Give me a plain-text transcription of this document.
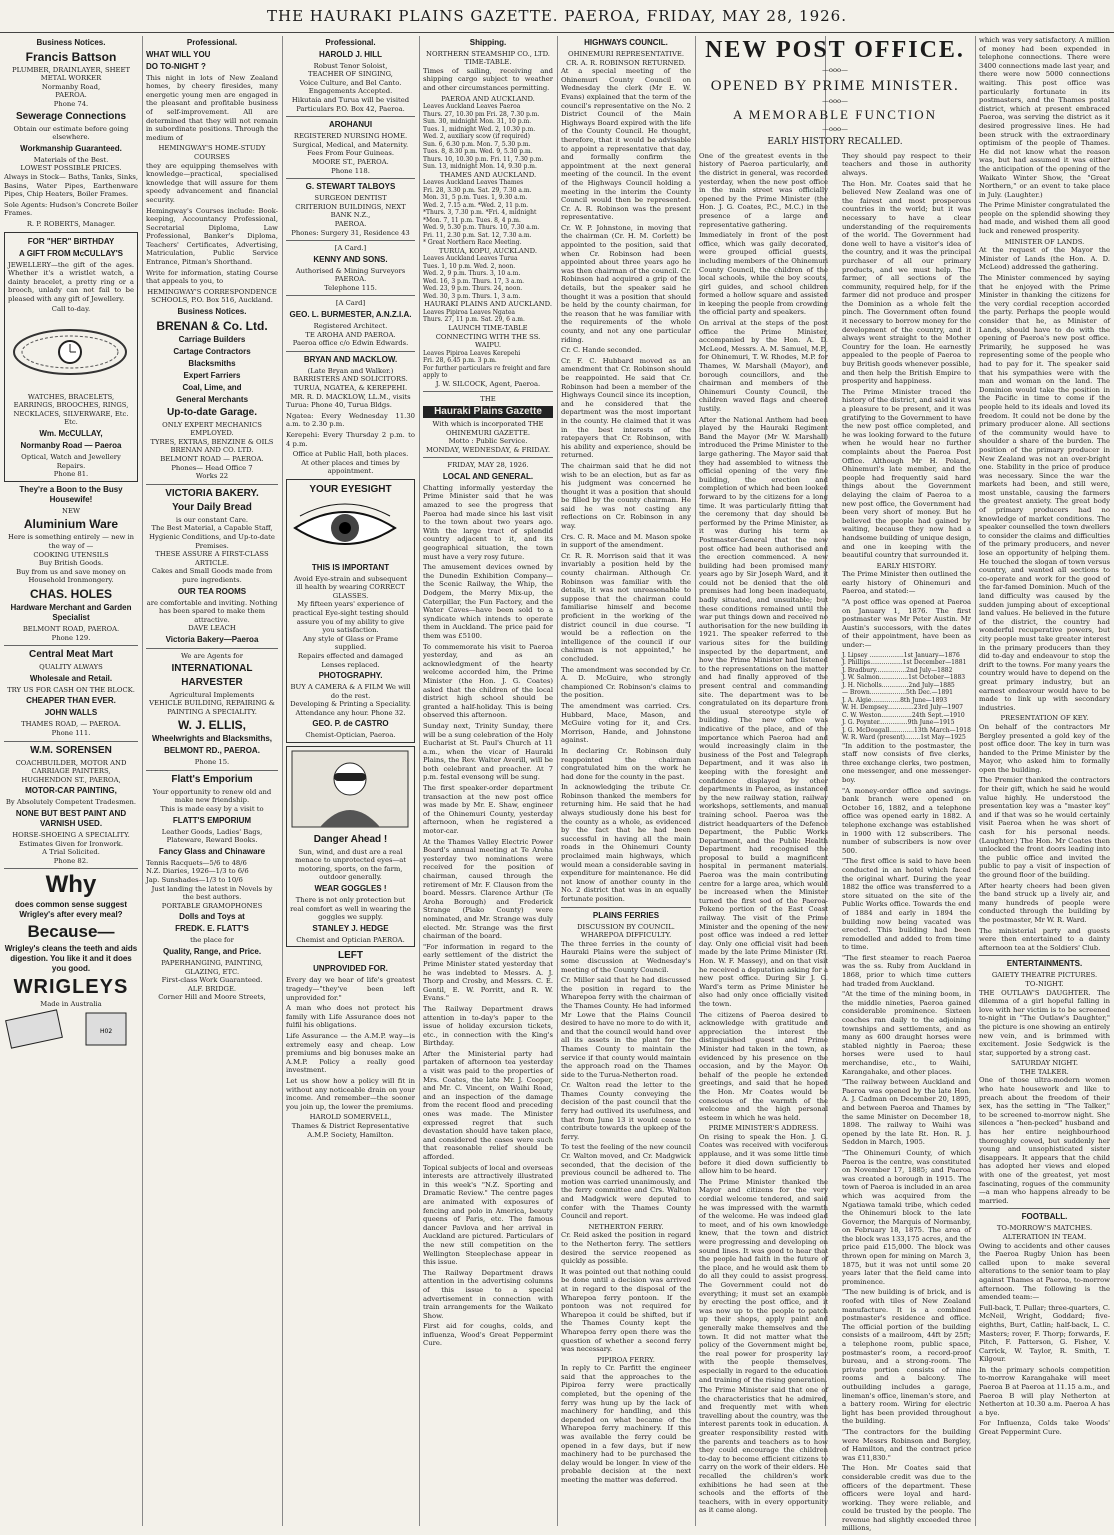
THE HAURAKI PLAINS GAZETTE. PAEROA, FRIDAY, MAY 28, 1926.
Business Notices.
Francis Battson
PLUMBER, DRAINLAYER, SHEET METAL WORKER
Normanby Road,
PAEROA.
Phone 74.
Sewerage Connections
Obtain our estimate before going elsewhere.
Workmanship Guaranteed.
Materials of the Best.
LOWEST POSSIBLE PRICES.
Always in Stock— Baths, Tanks, Sinks, Basins, Water Pipes, Earthenware Pipes, Chip Heaters, Boiler Frames.
Sole Agents: Hudson's Concrete Boiler Frames.
R. P. ROBERTS, Manager.
FOR "HER" BIRTHDAY
A GIFT FROM McCULLAY'S
JEWELLERY—the gift of the ages. Whether it's a wristlet watch, a dainty bracelet, a pretty ring or a brooch, unlady can not fail to be pleased with any gift of Jewellery.
Call to-day.
WATCHES, BRACELETS, EARRINGS, BROOCHES, RINGS, NECKLACES, SILVERWARE, Etc. Etc.
Wm. McCULLAY,
Normanby Road — Paeroa
Optical, Watch and Jewellery Repairs.
Phone 81.
They're a Boon to the Busy Housewife!
NEW
Aluminium Ware
Here is something entirely — new in the way of —
COOKING UTENSILS
Buy British Goods.
Buy from us and save money on Household Ironmongery.
CHAS. HOLES
Hardware Merchant and Garden Specialist
BELMONT ROAD, PAEROA.
Phone 129.
Central Meat Mart
QUALITY ALWAYS
Wholesale and Retail.
TRY US FOR CASH ON THE BLOCK.
CHEAPER THAN EVER.
JOHN WALLS
THAMES ROAD, — PAEROA.
Phone 111.
W.M. SORENSEN
COACHBUILDER, MOTOR AND CARRIAGE PAINTERS,
HUGHENDON ST., PAEROA,
MOTOR-CAR PAINTING,
By Absolutely Competent Tradesmen.
NONE BUT BEST PAINT AND VARNISH USED.
HORSE-SHOEING A SPECIALITY.
Estimates Given for Ironwork.
A Trial Solicited.
Phone 82.
Why
does common sense suggest Wrigley's after every meal?
Because—
Wrigley's cleans the teeth and aids digestion. You like it and it does you good.
WRIGLEYS
Made in Australia
H02
Professional.
WHAT WILL YOU
DO TO-NIGHT ?
This night in lots of New Zealand homes, by cheery firesides, many energetic young men are engaged in the pleasant and profitable business of self-improvement. All are determined that they will not remain in subordinate positions. Through the medium of
HEMINGWAY'S HOME-STUDY COURSES
they are equipping themselves with knowledge—practical, specialised knowledge that will assure for them speedy advancement and financial security.
Hemingway's Courses include: Book-keeping, Accountancy Professional, Secretarial Diploma, Law Professional, Banker's Diploma, Teachers' Certificates, Advertising, Matriculation, Public Service Entrance, Pitman's Shorthand.
Write for information, stating Course that appeals to you, to
HEMINGWAY'S CORRESPONDENCE SCHOOLS, P.O. Box 516, Auckland.
Business Notices.
BRENAN & Co. Ltd.
Carriage Builders
Cartage Contractors
Blacksmiths
Expert Farriers
Coal, Lime, and
General Merchants
Up-to-date Garage.
ONLY EXPERT MECHANICS EMPLOYED.
TYRES, EXTRAS, BENZINE & OILS
BRENAN AND CO. LTD.
BELMONT ROAD — PAEROA.
Phones— Head Office 7
Works 22
VICTORIA BAKERY.
Your Daily Bread
is our constant Care.
The Best Material, a Capable Staff, Hygienic Conditions, and Up-to-date Premises.
THESE ASSURE A FIRST-CLASS ARTICLE.
Cakes and Small Goods made from pure ingredients.
OUR TEA ROOMS
are comfortable and inviting. Nothing has been spared to make them attractive.
DAVE LEACH
Victoria Bakery—Paeroa
We are Agents for
INTERNATIONAL
HARVESTER
Agricultural Implements
VEHICLE BUILDING, REPAIRING & PAINTING A SPECIALITY.
W. J. ELLIS,
Wheelwrights and Blacksmiths,
BELMONT RD., PAEROA.
Phone 15.
Flatt's Emporium
Your opportunity to renew old and make new friendship.
This is made easy by a visit to
FLATT'S EMPORIUM
Leather Goods, Ladies' Bags, Plateware, Reward Books.
Fancy Glass and Chinaware
Tennis Racquets—5/6 to 48/6
N.Z. Diaries, 1926—1/3 to 6/6
Jap. Sunshades—1/3 to 10/6
Just landing the latest in Novels by the best authors.
PORTABLE GRAMOPHONES
Dolls and Toys at
FREDK. E. FLATT'S
the place for
Quality, Range, and Price.
PAPERHANGING, PAINTING, GLAZING, ETC.
First-class Work Guaranteed.
ALF. BRIDGE.
Corner Hill and Moore Streets,
Professional.
HAROLD J. HILL
Robust Tenor Soloist,
TEACHER OF SINGING,
Voice Culture, and Bel Canto.
Engagements Accepted.
Hikutaia and Turua will be visited
Particulars P.O. Box 42, Paeroa.
AROHANUI
REGISTERED NURSING HOME.
Surgical, Medical, and Maternity.
Fees From Four Guineas.
MOORE ST., PAEROA.
Phone 118.
G. STEWART TALBOYS
SURGEON DENTIST
CRITERION BUILDINGS, NEXT BANK N.Z.,
PAEROA.
Phones: Surgery 31, Residence 43
[A Card.]
KENNY AND SONS.
Authorised & Mining Surveyors
PAEROA.
Telephone 115.
[A Card]
GEO. L. BURMESTER, A.N.Z.I.A.
Registered Architect.
TE AROHA AND PAEROA.
Paeroa office c/o Edwin Edwards.
BRYAN AND MACKLOW.
(Late Bryan and Walker.)
BARRISTERS AND SOLICITORS.
TURUA, NGATEA, & KEREPEHI.
MR. R. D. MACKLOW, LL.M., visits
Turua: Phone 40, Turua Bldgs.
Ngatea: Every Wednesday 11.30 a.m. to 2.30 p.m.
Kerepehi: Every Thursday 2 p.m. to 4 p.m.
Office at Public Hall, both places.
At other places and times by appointment.
YOUR EYESIGHT
THIS IS IMPORTANT
Avoid Eye-strain and subsequent ill health by wearing CORRECT GLASSES.
My fifteen years' experience of practical Eye-sight testing should assure you of my ability to give you satisfaction.
Any style of Glass or Frame supplied.
Repairs effected and damaged Lenses replaced.
PHOTOGRAPHY.
BUY A CAMERA & A FILM We will do the rest.
Developing & Printing a Speciality.
Attendance any hour. Phone 32.
GEO. P. de CASTRO
Chemist-Optician, Paeroa.
Danger Ahead !
Sun, wind, and dust are a real menace to unprotected eyes—at motoring, sports, on the farm, outdoor generally.
WEAR GOGGLES !
There is not only protection but real comfort as well in wearing the goggles we supply.
STANLEY J. HEDGE
Chemist and Optician PAEROA.
LEFT
UNPROVIDED FOR.
Every day we hear of life's greatest tragedy—"they've been left unprovided for."
A man who does not protect his family with Life Assurance does not fulfil his obligations.
Life Assurance — the A.M.P. way—is extremely easy and cheap. Low premiums and big bonuses make an A.M.P. Policy a really good investment.
Let us show how a policy will fit in without any noticeable drain on your income. And remember—the sooner you join up, the lower the premiums.
HAROLD SOMERVELL,
Thames & District Representative A.M.P. Society, Hamilton.
Shipping.
NORTHERN STEAMSHIP CO., LTD.
TIME-TABLE.
Times of sailing, receiving and shipping cargo subject to weather and other circumstances permitting.
PAEROA AND AUCKLAND.
Leaves Auckland Leaves Paeroa
Thurs. 27, 10.30 pm Fri. 28, 7.30 p.m.
Sun. 30, midnight Mon. 31, 10 p.m.
Tues. 1, midnight Wed. 2, 10.30 p.m.
Wed. 2, auxiliary scow (if required)
Sun. 6, 6.30 p.m. Mon. 7, 5.30 p.m.
Tues. 8, 8.30 p.m. Wed. 9, 5.30 p.m.
Thurs. 10, 10.30 p.m. Fri. 11, 7.30 p.m.
Sun. 13, midnight Mon. 14, 9.30 p.m.
THAMES AND AUCKLAND.
Leaves Auckland Leaves Thames
Fri. 28, 3.30 p.m. Sat. 29, 7.30 a.m.
Mon. 31, 5 p.m. Tues. 1, 9.30 a.m.
Wed. 2, 7.15 a.m. *Wed. 2, 11 p.m.
*Thurs. 3, 7.30 p.m. *Fri. 4, midnight
*Mon. 7, 11 p.m. Tues. 8, 4 p.m.
Wed. 9, 5.30 p.m. Thurs. 10, 7.30 a.m.
Fri. 11, 2.30 p.m. Sat. 12, 7.30 a.m.
* Great Northern Race Meeting.
TURUA, KOPU, AUCKLAND.
Leaves Auckland Leaves Turua
Tues. 1, 10 p.m. Wed. 2, noon.
Wed. 2, 9 p.m. Thurs. 3, 10 a.m.
Wed. 16, 3 p.m. Thurs. 17, 3 a.m.
Wed. 23, 9 p.m. Thurs. 24, noon.
Wed. 30, 3 p.m. Thurs. 1, 3 a.m.
HAURAKI PLAINS AND AUCKLAND.
Leaves Pipiroa Leaves Ngatea
Thurs. 27, 11 p.m. Sat. 29, 6 a.m.
LAUNCH TIME-TABLE CONNECTING WITH THE SS. WAIPU.
Leaves Pipiroa Leaves Kerepehi
Fri. 28, 6.45 p.m. 3 p.m.
For further particulars re freight and fare apply to
J. W. SILCOCK, Agent, Paeroa.
THE
Hauraki Plains Gazette
With which is incorporated THE OHINEMURI GAZETTE.
Motto : Public Service.
MONDAY, WEDNESDAY, & FRIDAY.
FRIDAY, MAY 28, 1926.
LOCAL AND GENERAL.
Chatting informally yesterday the Prime Minister said that he was amazed to see the progress that Paeroa had made since his last visit to the town about two years ago. With the large tract of splendid country adjacent to it, and its geographical situation, the town must have a very rosy future.
The amusement devices owned by the Dunedin Exhibition Company—the Scenic Railway, the Whip, the Dodgem, the Merry Mix-up, the Caterpillar, the Fun Factory, and the Water Caves—have been sold to a syndicate which intends to operate them in Auckland. The price paid for them was £5100.
To commemorate his visit to Paeroa yesterday, and as an acknowledgment of the hearty welcome accorded him, the Prime Minister (the Hon. J. G. Coates) asked that the children of the local district high school should be granted a half-holiday. This is being observed this afternoon.
Sunday next, Trinity Sunday, there will be a sung celebration of the Holy Eucharist at St. Paul's Church at 11 a.m., when the vicar of Hauraki Plains, the Rev. Walter Averill, will be both celebrant and preacher. At 7 p.m. festal evensong will be sung.
The first speaker-order department transaction at the new post office was made by Mr. E. Shaw, engineer of the Ohinemuri County, yesterday afternoon, when he registered a motor-car.
At the Thames Valley Electric Power Board's annual meeting at Te Aroha yesterday two nominations were received for the position of chairman, caused through the retirement of Mr. F. Clauson from the board. Messrs. Clarence Arthur (Te Aroha Borough) and Frederick Strange (Piako County) were nominated, and Mr. Strange was duly elected. Mr. Strange was the first chairman of the board.
"For information in regard to the early settlement of the district the Prime Minister stated yesterday that he was indebted to Messrs. A. J. Thorp and Crosby, and Messrs. C. E. Gentil, E. W. Porritt, and R. W. Evans."
The Railway Department draws attention in to-day's paper to the issue of holiday excursion tickets, etc., in connection with the King's Birthday.
After the Ministerial party had partaken of afternoon tea yesterday a visit was paid to the properties of Mrs. Coates, the late Mr. J. Cooper, and Mr. C. Vincent, on Waihi Road, and an inspection of the damage from the recent flood and preceding ones was made. The Minister expressed regret that such devastation should have taken place, and considered the cases were such that reasonable relief should be afforded.
Topical subjects of local and overseas interests are attractively illustrated in this week's "N.Z. Sporting and Dramatic Review." The centre pages are animated with exposures of fencing and polo in America, beauty queens of Paris, etc. The famous dancer Pavlova and her arrival in Auckland are pictured. Particulars of the new still competition on the Wellington Steeplechase appear in this issue.
The Railway Department draws attention in the advertising columns of this issue to a special advertisement in connection with train arrangements for the Waikato Show.
First aid for coughs, colds, and influenza, Wood's Great Peppermint Cure.
HIGHWAYS COUNCIL.
OHINEMURI REPRESENTATIVE.
CR. A. R. ROBINSON RETURNED.
At a special meeting of the Ohinemuri County Council on Wednesday the clerk (Mr E. W. Evans) explained that the term of the council's representative on the No. 2 District Council of the Main Highways Board expired with the life of the County Council. He thought, therefore, that it would be advisable to appoint a representative that day, and formally confirm the appointment at the next general meeting of the council. In the event of the Highways Council holding a meeting in the interim the County Council would then be represented. Cr. A. R. Robinson was the present representative.
Cr. W. P. Johnstone, in moving that the chairman (Cr. H. M. Corlett) be appointed to the position, said that when Cr. Robinson had been appointed about three years ago he was then chairman of the council. Cr. Robinson had acquired a grip of the details, but the speaker said he thought it was a position that should be held by the county chairman, for the reason that he was familiar with the requirements of the whole county, and not any one particular riding.
Cr. C. Hande seconded.
Cr. F. C. Hubbard moved as an amendment that Cr. Robinson should be reappointed. He said that Cr. Robinson had been a member of the Highways Council since its inception, and he considered that the department was the most important in the county. He claimed that it was in the best interests of the ratepayers that Cr. Robinson, with his ability and experience, should be returned.
The chairman said that he did not wish to be an election, but as far as his judgment was concerned he thought it was a position that should be filled by the county chairman. He said he was not casting any reflections on Cr. Robinson in any way.
Crs. C. R. Mace and M. Mason spoke in support of the amendment.
Cr. R. R. Morrison said that it was invariably a position held by the county chairman. Although Cr. Robinson was familiar with the details, it was not unreasonable to suppose that the chairman could familiarise himself and become proficient in the working of the district council in due course. "I would be a reflection on the intelligence of the council if our chairman is not appointed," he concluded.
The amendment was seconded by Cr. A. D. McGuire, who strongly championed Cr. Robinson's claims to the position.
The amendment was carried. Crs. Hubbard, Mace, Mason, and McGuire voting for it, and Crs. Morrison, Hande, and Johnstone against.
In declaring Cr. Robinson duly reappointed the chairman congratulated him on the work he had done for the county in the past.
In acknowledging the tribute Cr. Robinson thanked the members for returning him. He said that he had always studiously done his best for the county as a whole, as evidenced by the fact that he had been successful in having all the main roads in the Ohinemuri County proclaimed main highways, which would mean a considerable saving in expenditure for maintenance. He did not know of another county in the No. 2 district that was in an equally fortunate position.
PLAINS FERRIES
DISCUSSION BY COUNCIL.
WHAREPOA DIFFICULTY.
The three ferries in the county of Hauraki Plains were the subject of some discussion at Wednesday's meeting of the County Council.
Cr. Miller said that he had discussed the position in regard to the Wharepoa ferry with the chairman of the Thames County. He had informed Mr Lowe that the Plains Council desired to have no more to do with it, and that the council would hand over all its assets in the plant for the Thames County to maintain the service if that county would maintain the approach road on the Thames side to the Turua-Netherton road.
Cr. Walton read the letter to the Thames County conveying the decision of the past council that the ferry had outlived its usefulness, and that from June 13 it would cease to contribute towards the upkeep of the ferry.
To test the feeling of the new council Cr. Walton moved, and Cr. Madgwick seconded, that the decision of the previous council be adhered to. The motion was carried unanimously, and the ferry committee and Crs. Walton and Madgwick were deputed to confer with the Thames County Council and report.
NETHERTON FERRY.
Cr. Reid asked the position in regard to the Netherton ferry. The settlers desired the service reopened as quickly as possible.
It was pointed out that nothing could be done until a decision was arrived at in regard to the disposal of the Wharepoa ferry pontoon. If the pontoon was not required for Wharepoa it could be shifted, but if the Thames County kept the Wharepoa ferry open there was the question of whether a second ferry was necessary.
PIPIROA FERRY.
In reply to Cr. Parfitt the engineer said that the approaches to the Pipiroa ferry were practically completed, but the opening of the ferry was hung up by the lack of machinery for handling, and this depended on what became of the Wharepoa ferry machinery. If this was available the ferry could be opened in a few days, but if new machinery had to be purchased the delay would be longer. In view of the probable decision at the next meeting the matter was deferred.
NEW POST OFFICE.
—ooo—
OPENED BY PRIME MINISTER.
—ooo—
A MEMORABLE FUNCTION
—ooo—
EARLY HISTORY RECALLED.
One of the greatest events in the history of Paeroa particularly, and the district in general, was recorded yesterday, when the new post office in the main street was officially opened by the Prime Minister (the Hon. J. G. Coates, P.C., M.C.) in the presence of a large and representative gathering.
Immediately in front of the post office, which was gaily decorated, were grouped official guests, including members of the Ohinemuri County Council, the children of the local schools, while the boy scouts, girl guides, and school children formed a hollow square and assisted in keeping the people from crowding the official party and speakers.
On arrival at the steps of the post office the Prime Minister, accompanied by the Hon. A. D. McLeod, Messrs. A. M. Samuel, M.P., for Ohinemuri, T. W. Rhodes, M.P. for Thames, W. Marshall (Mayor), and borough councillors, and the chairman and members of the Ohinemuri County Council, the children waved flags and cheered lustily.
After the National Anthem had been played by the Hauraki Regiment Band the Mayor (Mr W. Marshall) introduced the Prime Minister to the large gathering. The Mayor said that they had assembled to witness the official opening of the very fine building, the erection and completion of which had been looked forward to by the citizens for a long time. It was particularly fitting that the ceremony that day should be performed by the Prime Minister, as it was during his term as Postmaster-General that the new post office had been authorised and the erection commenced. A new building had been promised many years ago by Sir Joseph Ward, and it could not be denied that the old premises had long been inadequate, badly situated, and unsuitable; but these conditions remained until the war put things down and received no authorisation for the new building in 1921. The speaker referred to the various sites for the building inspected by the department, and how the Prime Minister had listened to the representations on the matter and had finally approved of the present central and commanding site. The department was to be congratulated on its departure from the usual stereotype style of building. The new office was indicative of the place, and of the importance which Paeroa had and would increasingly claim in the business of the Post and Telegraph Department, and it was also in keeping with the foresight and confidence displayed by other departments in Paeroa, as instanced by the new railway station, railway workshops, settlements, and manual training school. Paeroa was the district headquarters of the Defence Department, the Public Works Department, and the Public Health Department had recognised the proposal to build a magnificent hospital in permanent materials. Paeroa was the main contributing centre for a large area, which would be increased when the Minister turned the first sod of the Paeroa-Pokeno portion of the East Coast railway. The visit of the Prime Minister and the opening of the new post office was indeed a red letter day. Only one official visit had been made by the late Prime Minister (Rt. Hon. W. F. Massey), and on that visit he received a deputation asking for a new post office. During Sir J. G. Ward's term as Prime Minister he also had only once officially visited the town.
The citizens of Paeroa desired to acknowledge with gratitude and appreciation the interest the distinguished guest and Prime Minister had taken in the town, as evidenced by his presence on the occasion, and by the Mayor. On behalf of the people he extended greetings, and said that he hoped the Hon. Mr Coates would be conscious of the warmth of the welcome and the high personal esteem in which he was held.
PRIME MINISTER'S ADDRESS.
On rising to speak the Hon. J. G. Coates was received with vociferous applause, and it was some little time before it died down sufficiently to allow him to be heard.
The Prime Minister thanked the Mayor and citizens for the very cordial welcome tendered, and said he was impressed with the warmth of the welcome. He was indeed glad to meet, and of his own knowledge knew, that the town and district were progressing and developing on sound lines. It was good to hear that the people had faith in the future of the place, and he would ask them to do all they could to assist progress. The Government could not do everything; it must set an example by erecting the post office, and it was now up to the people to patch up their shops, apply paint and generally make themselves and the town. It did not matter what the policy of the Government might be, the real power for prosperity lay with the people themselves, especially in regard to the education and training of the rising generation.
The Prime Minister said that one of the characteristics that he admired, and frequently met with when travelling about the country, was the interest parents took in education. A greater responsibility rested with the parents and teachers as to how they could encourage the children to-day to become efficient citizens to carry on the work of their elders. He recalled the children's work exhibitions he had seen at the schools and the efforts of the teachers, with in every opportunity as it came along.
They should pay respect to their teachers and those in authority always.
The Hon. Mr. Coates said that he believed New Zealand was one of the fairest and most prosperous countries in the world; but it was necessary to have a clear understanding of the requirements of the world. The Government had done well to have a visitor's idea of the country, and it was the principal purchaser of all our primary products, and we must help. The farmer, of all sections of the community, required help, for if the farmer did not produce and prosper the Dominion as a whole felt the pinch. The Government often found it necessary to borrow money for the development of the country, and it always went straight to the Mother Country for the loan. He earnestly appealed to the people of Paeroa to buy British goods whenever possible, and then help the British Empire to prosperity and happiness.
The Prime Minister traced the history of the district, and said it was a pleasure to be present, and it was gratifying to the Government to have the new post office completed, and he was looking forward to the future when he would hear no further complaints about the Paeroa Post Office. Although Mr H. Poland, Ohinemuri's late member, and the people had frequently said hard things about the Government delaying the claim of Paeroa to a new post office, the Government had been very short of money. But he believed the people had gained by waiting, because they now had a handsome building of unique design, and one in keeping with the beautiful country that surrounded it.
EARLY HISTORY.
The Prime Minister then outlined the early history of Ohinemuri and Paeroa, and stated:—
"A post office was opened at Paeroa on January 1, 1876. The first postmaster was Mr Peter Austin. Mr Austin's successors, with the dates of their appointment, have been as under:—
J. Lipsey ..................1st January—1876
J. Phillips.................1st December—1881
J. Bradbury................2nd July—1882
J. W. Salmon...............1st October—1883
J. H. Nicholls..............2nd July—1885
— Brown...................5th Dec.—1891
J. A. Algie...............8th June—1893
W. H. Dempsey..............23rd July—1907
C. W. Weston................24th Sept.—1910
J. G. Poynter...............9th June—1915
J. G. McDougall.............13th March—1918
W. R. Ward (present)........1st May—1925
"In addition to the postmaster, the staff now consists of five clerks, three exchange clerks, two postmen, one messenger, and one messenger-boy.
"A money-order office and savings-bank branch were opened on October 16, 1882, and a telephone office was opened early in 1882. A telephone exchange was established in 1900 with 12 subscribers. The number of subscribers is now over 500.
"The first office is said to have been conducted in an hotel which faced the original wharf. During the year 1882 the office was transferred to a store situated on the site of the Public Works office. Towards the end of 1884 and early in 1894 the building now being vacated was erected. This building had been remodelled and added to from time to time.
"The first steamer to reach Paeroa was the ss. Ruby from Auckland in 1868, prior to which time cutters had traded from Auckland.
"At the time of the mining boom, in the middle nineties, Paeroa gained considerable prominence. Sixteen coaches ran daily to the adjoining townships and settlements, and as many as 600 draught horses were stabled nightly in Paeroa; these horses were used to haul merchandise, etc., to Waihi, Karangahake, and other places.
"The railway between Auckland and Paeroa was opened by the late Hon. A. J. Cadman on December 20, 1895, and between Paeroa and Thames by the same Minister on December 18, 1898. The railway to Waihi was opened by the late Rt. Hon. R. J. Seddon in March, 1905.
"The Ohinemuri County, of which Paeroa is the centre, was constituted on November 17, 1885; and Paeroa was created a borough in 1915. The town of Paeroa is included in an area which was acquired from the Ngatiawa tamaki tribe, which ceded the Ohinemuri block to the late Governor, the Marquis of Normanby, on February 18, 1875. The area of the block was 133,175 acres, and the price paid £15,000. The block was thrown open for mining on March 3, 1875, but it was not until some 20 years later that the field came into prominence.
"The new building is of brick, and is roofed with tiles of New Zealand manufacture. It is a combined postmaster's residence and office. The official portion of the building consists of a mailroom, 44ft by 25ft; a telephone room, public space, postmaster's room, a record-proof bureau, and a strong-room. The private portion consists of nine rooms and a balcony. The outbuilding includes a garage, lineman's office, lineman's store, and a battery room. Wiring for electric light has been provided throughout the building.
"The contractors for the building were Messrs Robinson and Bergley, of Hamilton, and the contract price was £11,830."
The Hon. Mr Coates said that considerable credit was due to the officers of the department. These officers were loyal and hard-working. They were reliable, and could be trusted by the people. The revenue had slightly exceeded three millions,
which was very satisfactory. A million of money had been expended in telephone connections. There were 3400 connections made last year, and there were now 5000 connections waiting. This post office was particularly fortunate in its postmasters, and the Thames postal district, which at present embraced Paeroa, was serving the district as it desired progressive lines. He had been struck with the extraordinary optimism of the people of Thames. He did not know what the reason was, but had assumed it was either the anticipation of the opening of the Waikato Winter Show, the "Great Northern," or an event to take place in July. (Laughter.)
The Prime Minister congratulated the people on the splendid showing they had made, and wished them all good luck and renewed prosperity.
MINISTER OF LANDS.
At the request of the Mayor the Minister of Lands (the Hon. A. D. McLeod) addressed the gathering.
The Minister commenced by saying that he enjoyed with the Prime Minister in thanking the citizens for the very cordial reception accorded the party. Perhaps the people would consider that he, as Minister of Lands, should have to do with the opening of Paeroa's new post office. Primarily, he supposed he was representing some of the people who had to pay for it. The speaker said that his sympathies were with the man and woman on the land. The Dominion would take the position in the Pacific in time to come if the people held to its ideals and loved its freedom. It could not be done by the primary producer alone. All sections of the community would have to shoulder a share of the burden. The position of the primary producer in New Zealand was not an over-bright one. Stability in the price of produce was necessary. Since the war the markets had been, and still were, most unstable, causing the farmers the greatest anxiety. The great body of primary producers had no knowledge of market conditions. The speaker counselled the town dwellers to consider the claims and difficulties of the primary producers, and never lose an opportunity of helping them. He touched the slogan of town versus country, and wanted all sections to co-operate and work for the good of the far-famed Dominion. Much of the land difficulty was caused by the sudden jumping about of exceptional land values. He believed in the future of the district, the country had wonderful recuperative powers, but city people must take greater interest in the primary producers than they did to-day and endeavour to stop the drift to the towns. For many years the country would have to depend on the great primary industry, but an earnest endeavour would have to be made to link up with secondary industries.
PRESENTATION OF KEY.
On behalf of the contractors Mr Bergley presented a gold key of the post office door. The key in turn was handed to the Prime Minister by the Mayor, who asked him to formally open the building.
The Premier thanked the contractors for their gift, which he said he would value highly. He understood the presentation key was a "master key" and if that was so he would certainly visit Paeroa when he was short of cash for his personal needs. (Laughter.) The Hon. Mr Coates then unlocked the front doors leading into the public office and invited the public to pay a visit of inspection of the ground floor of the building.
After hearty cheers had been given the band struck up a lively air, and many hundreds of people were conducted through the building by the postmaster, Mr W. R. Ward.
The ministerial party and guests were then entertained to a dainty afternoon tea at the Soldiers' Club.
ENTERTAINMENTS.
GAIETY THEATRE PICTURES.
TO-NIGHT.
THE OUTLAW'S DAUGHTER. The dilemma of a girl hopeful falling in love with her victim is to be screened to-night in "The Outlaw's Daughter," the picture is one showing an entirely new vein, and is brimmed with excitement. Josie Sedgwick is the star, supported by a strong cast.
SATURDAY NIGHT.
THE TALKER.
One of those ultra-modern women who hate housework and like to preach about the freedom of their sex, has the setting in "The Talker," to be screened to-morrow night. She silences a "hen-pecked" husband and has her entire neighbourhood thoroughly cowed, but suddenly her young and unsophisticated sister disappears. It appears that the child has adopted her views and eloped with one of the greatest, yet most fascinating, rogues of the community—a man who happens already to be married.
FOOTBALL.
TO-MORROW'S MATCHES.
ALTERATION IN TEAM.
Owing to accidents and other causes the Paeroa Rugby Union has been called upon to make several alterations to the senior team to play against Thames at Paeroa, to-morrow afternoon. The following is the amended team:—
Full-back, T. Pullar; three-quarters, C. McNeil, Wright, Goddard; five-eighths, Burt, Catlin; half-back, L. C. Masters; rover, F. Thorp; forwards, F. Pitch, F. Patterson, G. Fisher, V. Carrick, W. Taylor, R. Smith, T. Kilgour.
In the primary schools competition to-morrow Karangahake will meet Paeroa B at Paeroa at 11.15 a.m., and Paeroa B will play Netherton at Netherton at 10.30 a.m. Paeroa A has a bye.
For Influenza, Colds take Woods' Great Peppermint Cure.
